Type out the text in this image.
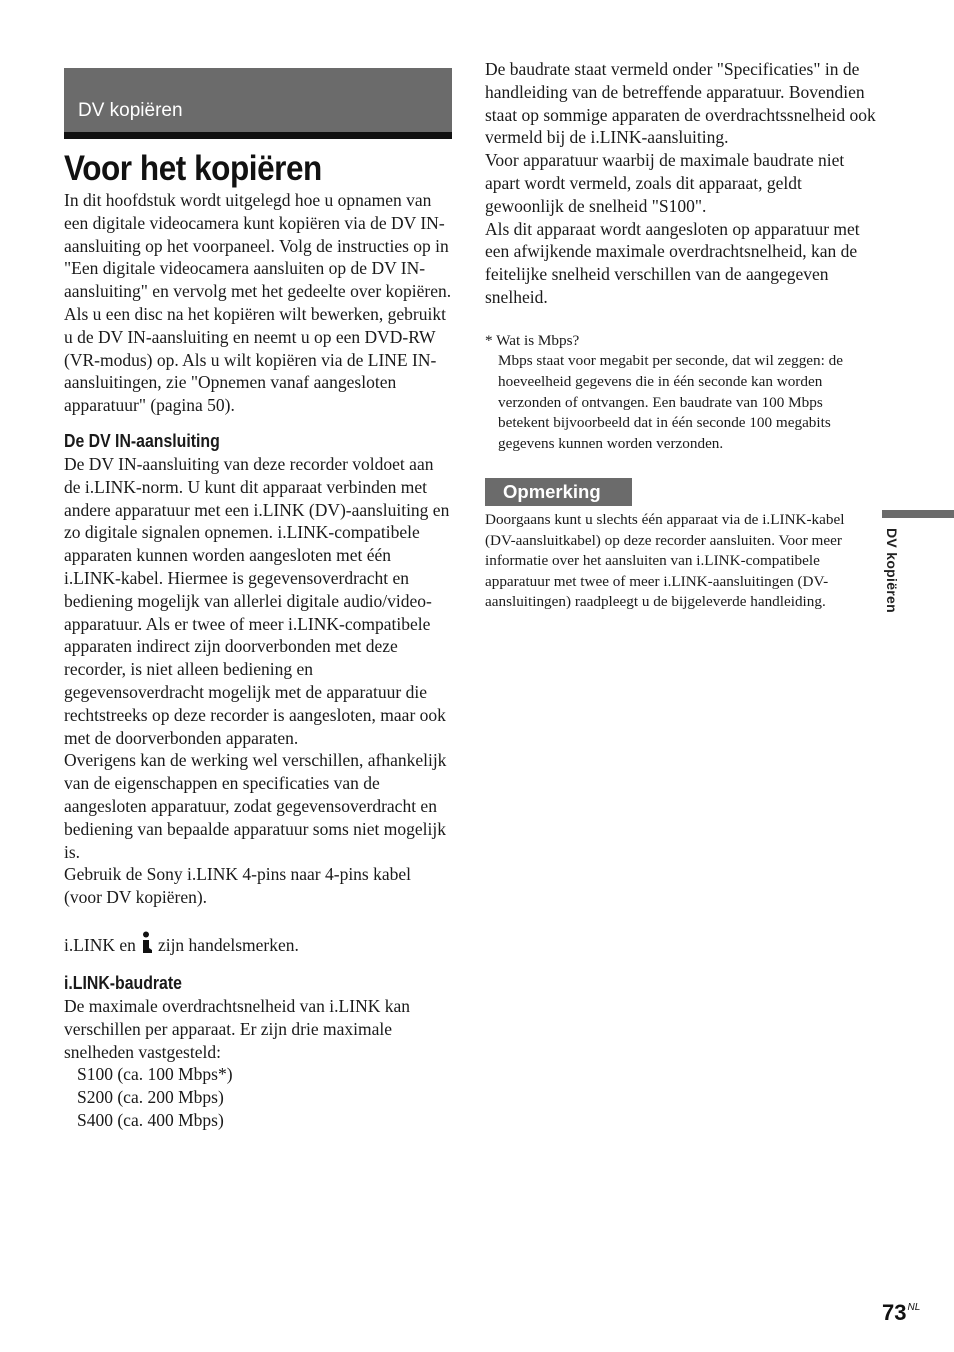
DV kopiëren
Voor het kopiëren

In dit hoofdstuk wordt uitgelegd hoe u opnamen van een digitale videocamera kunt kopiëren via de DV IN-aansluiting op het voorpaneel. Volg de instructies op in "Een digitale videocamera aansluiten op de DV IN-aansluiting" en vervolg met het gedeelte over kopiëren. Als u een disc na het kopiëren wilt bewerken, gebruikt u de DV IN-aansluiting en neemt u op een DVD-RW (VR-modus) op. Als u wilt kopiëren via de LINE IN-aansluitingen, zie "Opnemen vanaf aangesloten apparatuur" (pagina 50).

De DV IN-aansluiting

De DV IN-aansluiting van deze recorder voldoet aan de i.LINK-norm. U kunt dit apparaat verbinden met andere apparatuur met een i.LINK (DV)-aansluiting en zo digitale signalen opnemen. i.LINK-compatibele apparaten kunnen worden aangesloten met één i.LINK-kabel. Hiermee is gegevensoverdracht en bediening mogelijk van allerlei digitale audio/video-apparatuur. Als er twee of meer i.LINK-compatibele apparaten indirect zijn doorverbonden met deze recorder, is niet alleen bediening en gegevensoverdracht mogelijk met de apparatuur die rechtstreeks op deze recorder is aangesloten, maar ook met de doorverbonden apparaten.

Overigens kan de werking wel verschillen, afhankelijk van de eigenschappen en specificaties van de aangesloten apparatuur, zodat gegevensoverdracht en bediening van bepaalde apparatuur soms niet mogelijk is.

Gebruik de Sony i.LINK 4-pins naar 4-pins kabel (voor DV kopiëren).

i.LINK en zijn handelsmerken.
i.LINK-baudrate

De maximale overdrachtsnelheid van i.LINK kan verschillen per apparaat. Er zijn drie maximale snelheden vastgesteld:

S100 (ca. 100 Mbps*)
S200 (ca. 200 Mbps)
S400 (ca. 400 Mbps)

De baudrate staat vermeld onder "Specificaties" in de handleiding van de betreffende apparatuur. Bovendien staat op sommige apparaten de overdrachtssnelheid ook vermeld bij de i.LINK-aansluiting.

Voor apparatuur waarbij de maximale baudrate niet apart wordt vermeld, zoals dit apparaat, geldt gewoonlijk de snelheid "S100".

Als dit apparaat wordt aangesloten op apparatuur met een afwijkende maximale overdrachtsnelheid, kan de feitelijke snelheid verschillen van de aangegeven snelheid.

* Wat is Mbps?
Mbps staat voor megabit per seconde, dat wil zeggen: de hoeveelheid gegevens die in één seconde kan worden verzonden of ontvangen. Een baudrate van 100 Mbps betekent bijvoorbeeld dat in één seconde 100 megabits gegevens kunnen worden verzonden.
Opmerking

Doorgaans kunt u slechts één apparaat via de i.LINK-kabel (DV-aansluitkabel) op deze recorder aansluiten. Voor meer informatie over het aansluiten van i.LINK-compatibele apparatuur met twee of meer i.LINK-aansluitingen (DV-aansluitingen) raadpleegt u de bijgeleverde handleiding.	DV kopiëren
$73^{NL}$
